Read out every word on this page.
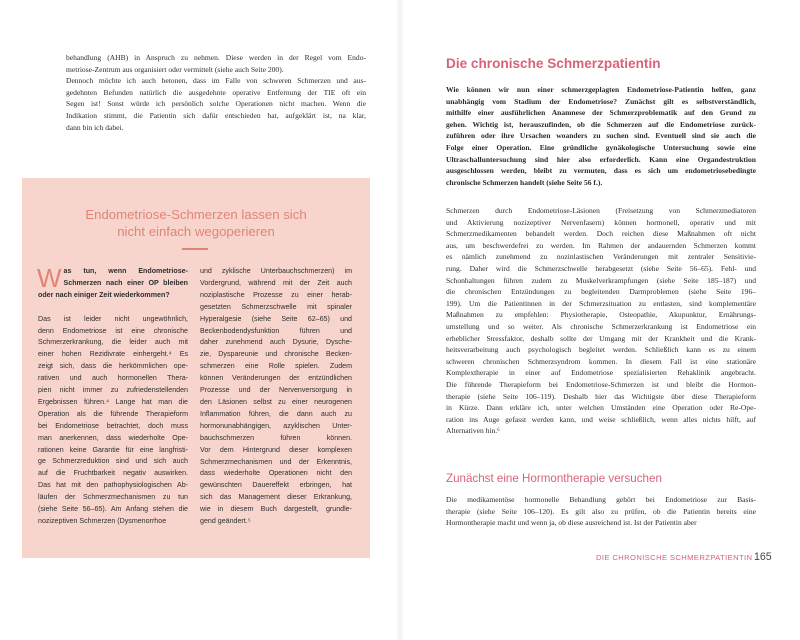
behandlung (AHB) in Anspruch zu nehmen. Diese werden in der Regel vom Endo-
metriose-Zentrum aus organisiert oder vermittelt (siehe auch Seite 200).

Dennoch möchte ich auch betonen, dass im Falle von schweren Schmerzen und aus-
gedehnten Befunden natürlich die ausgedehnte operative Entfernung der TIE oft ein
Segen ist! Sonst würde ich persönlich solche Operationen nicht machen. Wenn die
Indikation stimmt, die Patientin sich dafür entschieden hat, aufgeklärt ist, na klar,
dann bin ich dabei.

Endometriose-Schmerzen lassen sich
nicht einfach wegoperieren
W as tun, wenn Endometriose-
Schmerzen nach einer OP bleiben
oder nach einiger Zeit wiederkommen?

Das ist leider nicht ungewöhnlich,
denn Endometriose ist eine chronische
Schmerzerkrankung, die leider auch mit
einer hohen Rezidivrate einhergeht.⁴ Es
zeigt sich, dass die herkömmlichen ope-
rativen und auch hormonellen Thera-
pien nicht immer zu zufriedenstellenden
Ergebnissen führen.⁴ Lange hat man die
Operation als die führende Therapieform
bei Endometriose betrachtet, doch muss
man anerkennen, dass wiederholte Ope-
rationen keine Garantie für eine langfristi-
ge Schmerzreduktion sind und sich auch
auf die Fruchtbarkeit negativ auswirken.
Das hat mit den pathophysiologischen Ab-
läufen der Schmerzmechanismen zu tun
(siehe Seite 56–65). Am Anfang stehen die
nozizeptiven Schmerzen (Dysmenorrhoe

und zyklische Unterbauchschmerzen) im
Vordergrund, während mit der Zeit auch
noziplastische Prozesse zu einer herab-
gesetzten Schmerzschwelle mit spinaler
Hyperalgesie (siehe Seite 62–65) und
Beckenbodendysfunktion führen und
daher zunehmend auch Dysurie, Dysche-
zie, Dyspareunie und chronische Becken-
schmerzen eine Rolle spielen. Zudem
können Veränderungen der entzündlichen
Prozesse und der Nervenversorgung in
den Läsionen selbst zu einer neurogenen
Inflammation führen, die dann auch zu
hormonunabhängigen, azyklischen Unter-
bauchschmerzen führen können.
Vor dem Hintergrund dieser komplexen
Schmerzmechanismen und der Erkenntnis,
dass wiederholte Operationen nicht den
gewünschten Dauereffekt erbringen, hat
sich das Management dieser Erkrankung,
wie in diesem Buch dargestellt, grundle-
gend geändert.⁵

Die chronische Schmerzpatientin

Wie können wir nun einer schmerzgeplagten Endometriose-Patientin helfen, ganz
unabhängig vom Stadium der Endometriose? Zunächst gilt es selbstverständlich,
mithilfe einer ausführlichen Anamnese der Schmerzproblematik auf den Grund zu
gehen. Wichtig ist, herauszufinden, ob die Schmerzen auf die Endometriose zurück-
zuführen oder ihre Ursachen woanders zu suchen sind. Eventuell sind sie auch die
Folge einer Operation. Eine gründliche gynäkologische Untersuchung sowie eine
Ultraschalluntersuchung sind hier also erforderlich. Kann eine Organdestruktion
ausgeschlossen werden, bleibt zu vermuten, dass es sich um endometriosebedingte
chronische Schmerzen handelt (siehe Seite 56 f.).

Schmerzen durch Endometriose-Läsionen (Freisetzung von Schmerzmediatoren
und Aktivierung nozizeptiver Nervenfasern) können hormonell, operativ und mit
Schmerzmedikamenten behandelt werden. Doch reichen diese Maßnahmen oft nicht
aus, um beschwerdefrei zu werden. Im Rahmen der andauernden Schmerzen kommt
es nämlich zunehmend zu nozinlastischen Veränderungen mit zentraler Sensitivie-
rung. Daher wird die Schmerzschwelle herabgesetzt (siehe Seite 56–65). Fehl- und
Schonhaltungen führen zudem zu Muskelverkrampfungen (siehe Seite 185–187) und
die chronischen Entzündungen zu begleitenden Darmproblemen (siehe Seite 196–
199). Um die Patientinnen in der Schmerzsituation zu entlasten, sind komplementäre
Maßnahmen zu empfehlen: Physiotherapie, Osteopathie, Akupunktur, Ernährungs-
umstellung und so weiter. Als chronische Schmerzerkrankung ist Endometriose ein
erheblicher Stressfaktor, deshalb sollte der Umgang mit der Krankheit und die Krank-
heitsverarbeitung auch psychologisch begleitet werden. Schließlich kann es zu einem
schweren chronischen Schmerzsyndrom kommen. In diesem Fall ist eine stationäre
Komplextherapie in einer auf Endometriose spezialisierten Rehaklinik angebracht.
Die führende Therapieform bei Endometriose-Schmerzen ist und bleibt die Hormon-
therapie (siehe Seite 106–119). Deshalb hier das Wichtigste über diese Therapieform
in Kürze. Dann erkläre ich, unter welchen Umständen eine Operation oder Re-Ope-
ration ins Auge gefasst werden kann, und weise schließlich, wenn alles nichts hilft, auf
Alternativen hin.⁶

Zunächst eine Hormontherapie versuchen

Die medikamentöse hormonelle Behandlung gehört bei Endometriose zur Basis-
therapie (siehe Seite 106–120). Es gilt also zu prüfen, ob die Patientin bereits eine
Hormontherapie macht und wenn ja, ob diese ausreichend ist. Ist der Patientin aber

DIE CHRONISCHE SCHMERZPATIENTIN 165
